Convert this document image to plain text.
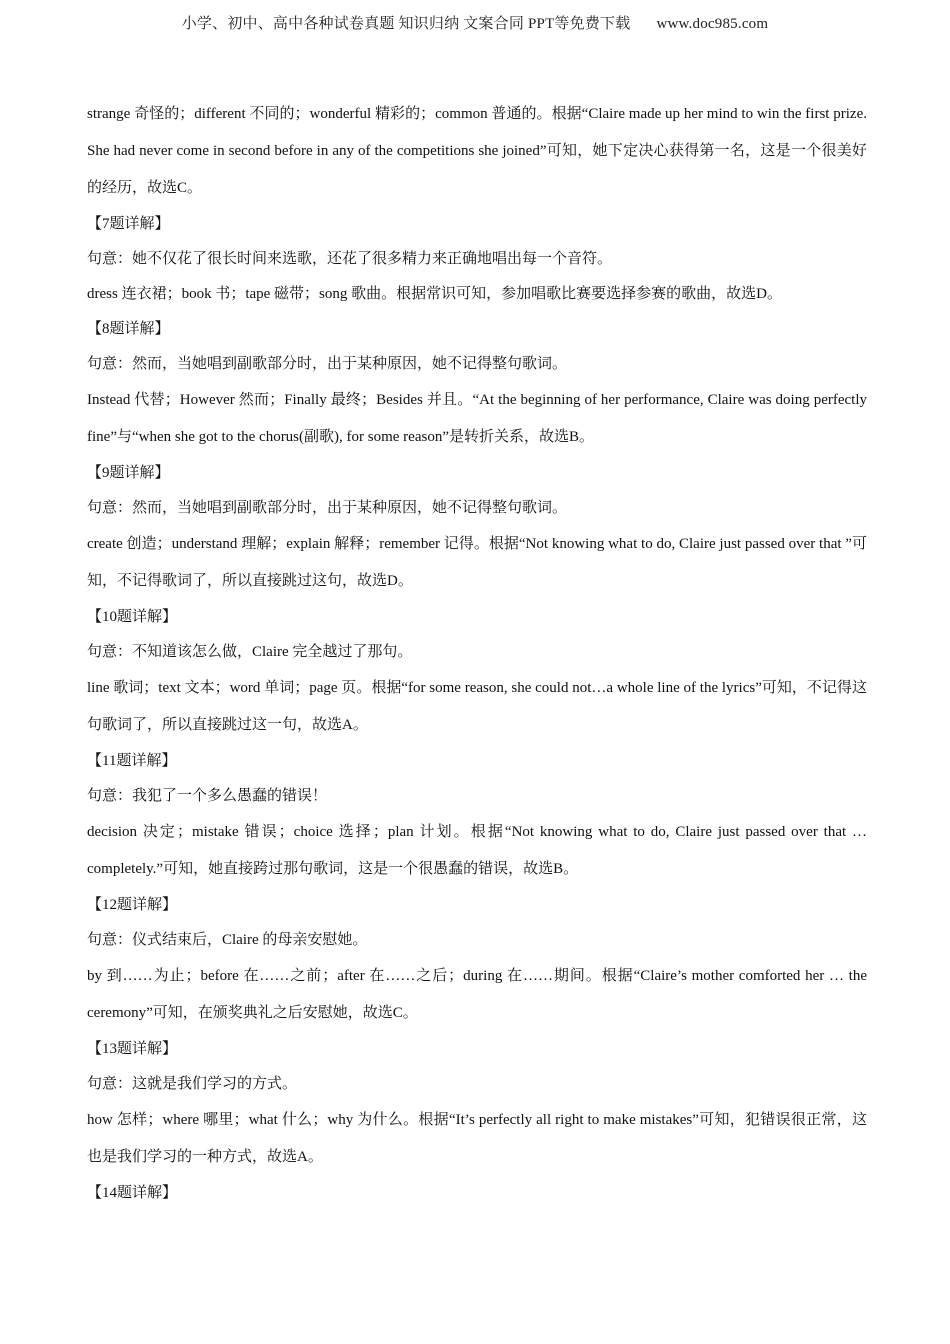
小学、初中、高中各种试卷真题 知识归纳 文案合同 PPT等免费下载 www.doc985.com

strange 奇怪的；different 不同的；wonderful 精彩的；common 普通的。根据“Claire made up her mind to win the first prize. She had never come in second before in any of the competitions she joined”可知，她下定决心获得第一名，这是一个很美好的经历，故选C。

【7题详解】

句意：她不仅花了很长时间来选歌，还花了很多精力来正确地唱出每一个音符。

dress 连衣裙；book 书；tape 磁带；song 歌曲。根据常识可知，参加唱歌比赛要选择参赛的歌曲，故选D。

【8题详解】

句意：然而，当她唱到副歌部分时，出于某种原因，她不记得整句歌词。

Instead 代替；However 然而；Finally 最终；Besides 并且。“At the beginning of her performance, Claire was doing perfectly fine”与“when she got to the chorus(副歌), for some reason”是转折关系，故选B。

【9题详解】

句意：然而，当她唱到副歌部分时，出于某种原因，她不记得整句歌词。

create 创造；understand 理解；explain 解释；remember 记得。根据“Not knowing what to do, Claire just passed over that ”可知，不记得歌词了，所以直接跳过这句，故选D。

【10题详解】

句意：不知道该怎么做，Claire 完全越过了那句。

line 歌词；text 文本；word 单词；page 页。根据“for some reason, she could not…a whole line of the lyrics”可知，不记得这句歌词了，所以直接跳过这一句，故选A。

【11题详解】

句意：我犯了一个多么愚蠢的错误！

decision 决定；mistake 错误；choice 选择；plan 计划。根据“Not knowing what to do, Claire just passed over that … completely.”可知，她直接跨过那句歌词，这是一个很愚蠢的错误，故选B。

【12题详解】

句意：仪式结束后，Claire 的母亲安慰她。

by 到……为止；before 在……之前；after 在……之后；during 在……期间。根据“Claire’s mother comforted her … the ceremony”可知，在颁奖典礼之后安慰她，故选C。

【13题详解】

句意：这就是我们学习的方式。

how 怎样；where 哪里；what 什么；why 为什么。根据“It’s perfectly all right to make mistakes”可知，犯错误很正常，这也是我们学习的一种方式，故选A。

【14题详解】
